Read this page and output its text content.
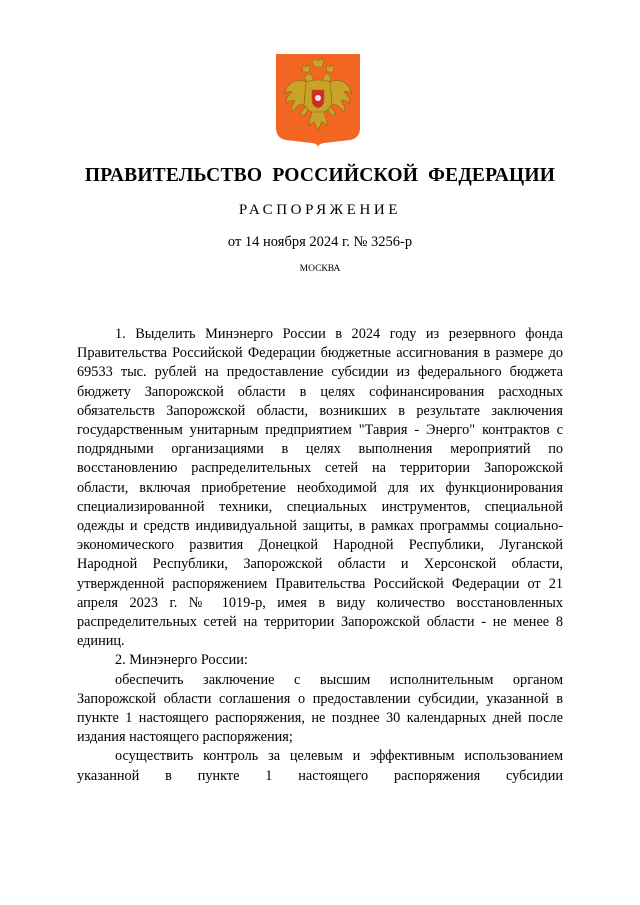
ПРАВИТЕЛЬСТВО РОССИЙСКОЙ ФЕДЕРАЦИИ
РАСПОРЯЖЕНИЕ
от 14 ноября 2024 г. № 3256-р
МОСКВА

1. Выделить Минэнерго России в 2024 году из резервного фонда Правительства Российской Федерации бюджетные ассигнования в размере до 69533 тыс. рублей на предоставление субсидии из федерального бюджета бюджету Запорожской области в целях софинансирования расходных обязательств Запорожской области, возникших в результате заключения государственным унитарным предприятием "Таврия - Энерго" контрактов с подрядными организациями в целях выполнения мероприятий по восстановлению распределительных сетей на территории Запорожской области, включая приобретение необходимой для их функционирования специализированной техники, специальных инструментов, специальной одежды и средств индивидуальной защиты, в рамках программы социально-экономического развития Донецкой Народной Республики, Луганской Народной Республики, Запорожской области и Херсонской области, утвержденной распоряжением Правительства Российской Федерации от 21 апреля 2023 г. № 1019-р, имея в виду количество восстановленных распределительных сетей на территории Запорожской области - не менее 8 единиц.

2. Минэнерго России:

обеспечить заключение с высшим исполнительным органом Запорожской области соглашения о предоставлении субсидии, указанной в пункте 1 настоящего распоряжения, не позднее 30 календарных дней после издания настоящего распоряжения;

осуществить контроль за целевым и эффективным использованием указанной в пункте 1 настоящего распоряжения субсидии
